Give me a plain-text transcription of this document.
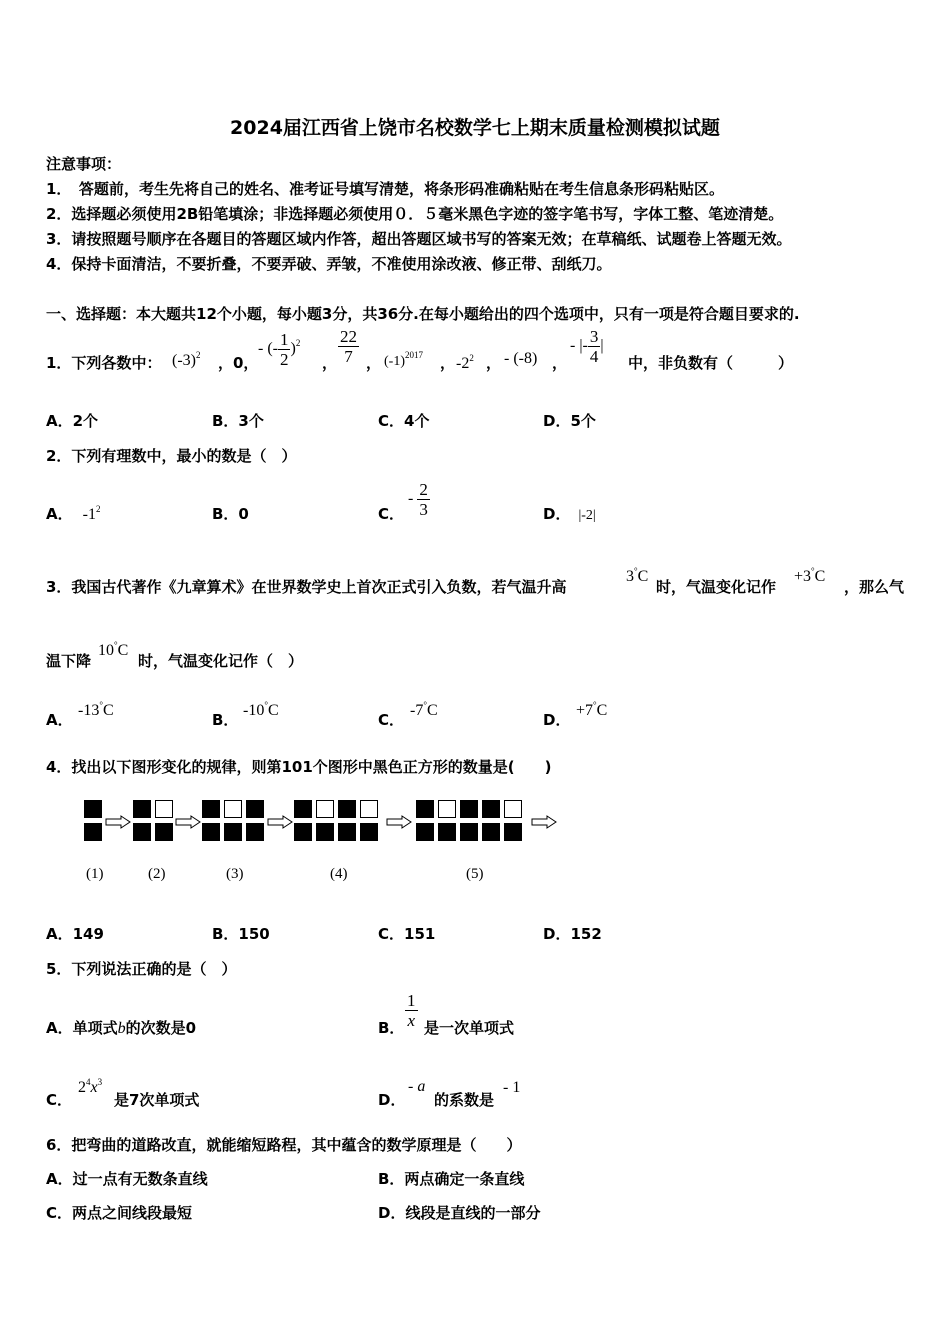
2024届江西省上饶市名校数学七上期末质量检测模拟试题
注意事项：
1．　答题前，考生先将自己的姓名、准考证号填写清楚，将条形码准确粘贴在考生信息条形码粘贴区。
2．选择题必须使用2B铅笔填涂；非选择题必须使用０．５毫米黑色字迹的签字笔书写，字体工整、笔迹清楚。
3．请按照题号顺序在各题目的答题区域内作答，超出答题区域书写的答案无效；在草稿纸、试题卷上答题无效。
4．保持卡面清洁，不要折叠，不要弄破、弄皱，不准使用涂改液、修正带、刮纸刀。
一、选择题：本大题共12个小题，每小题3分，共36分.在每小题给出的四个选项中，只有一项是符合题目要求的.
1．下列各数中： $(-3)^2$ ，0，
- (- $\frac{1}{2} )^2$
， $\frac{22}{7}$ ， $(-1)^{2017}$ ， $-2^2$ ， - (-8) ，
- |- $\frac{3}{4}$ |
中，非负数有（　　　）
A．2个	B．3个	C．4个	D．5个
2．下列有理数中，最小的数是（　）
A． $-1^2$	B．0	C．
- $\frac{2}{3}$	D． |-2|
3．我国古代著作《九章算术》在世界数学史上首次正式引入负数，若气温升高
3°C
时，气温变化记作
+3°C
，那么气
温下降
10°C
时，气温变化记作（　）
A．
-13°C
B．
-10°C
C．
-7°C
D．
+7°C
4．找出以下图形变化的规律，则第101个图形中黑色正方形的数量是(　　)
(1)	(2)	(3)	(4)	(5)
A．149	B．150	C．151	D．152
5．下列说法正确的是（　）
A．单项式b的次数是0	B． $\frac{1}{x}$ 是一次单项式
C．
$2^4x^3$
是7次单项式	D．
- a
的系数是
- 1
6．把弯曲的道路改直，就能缩短路程，其中蕴含的数学原理是（　　）
A．过一点有无数条直线	B．两点确定一条直线
C．两点之间线段最短	D．线段是直线的一部分
